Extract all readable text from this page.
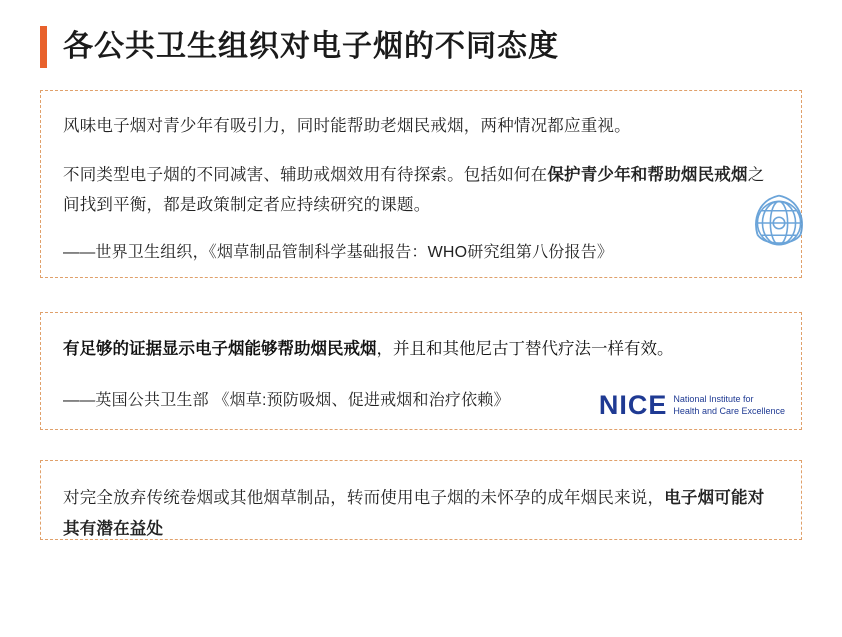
各公共卫生组织对电子烟的不同态度

风味电子烟对青少年有吸引力，同时能帮助老烟民戒烟，两种情况都应重视。

不同类型电子烟的不同减害、辅助戒烟效用有待探索。包括如何在保护青少年和帮助烟民戒烟之间找到平衡，都是政策制定者应持续研究的课题。

——世界卫生组织，《烟草制品管制科学基础报告：WHO研究组第八份报告》

有足够的证据显示电子烟能够帮助烟民戒烟，并且和其他尼古丁替代疗法一样有效。

——英国公共卫生部 《烟草:预防吸烟、促进戒烟和治疗依赖》	NICE National Institute for
Health and Care Excellence

对完全放弃传统卷烟或其他烟草制品，转而使用电子烟的未怀孕的成年烟民来说，电子烟可能对其有潜在益处
